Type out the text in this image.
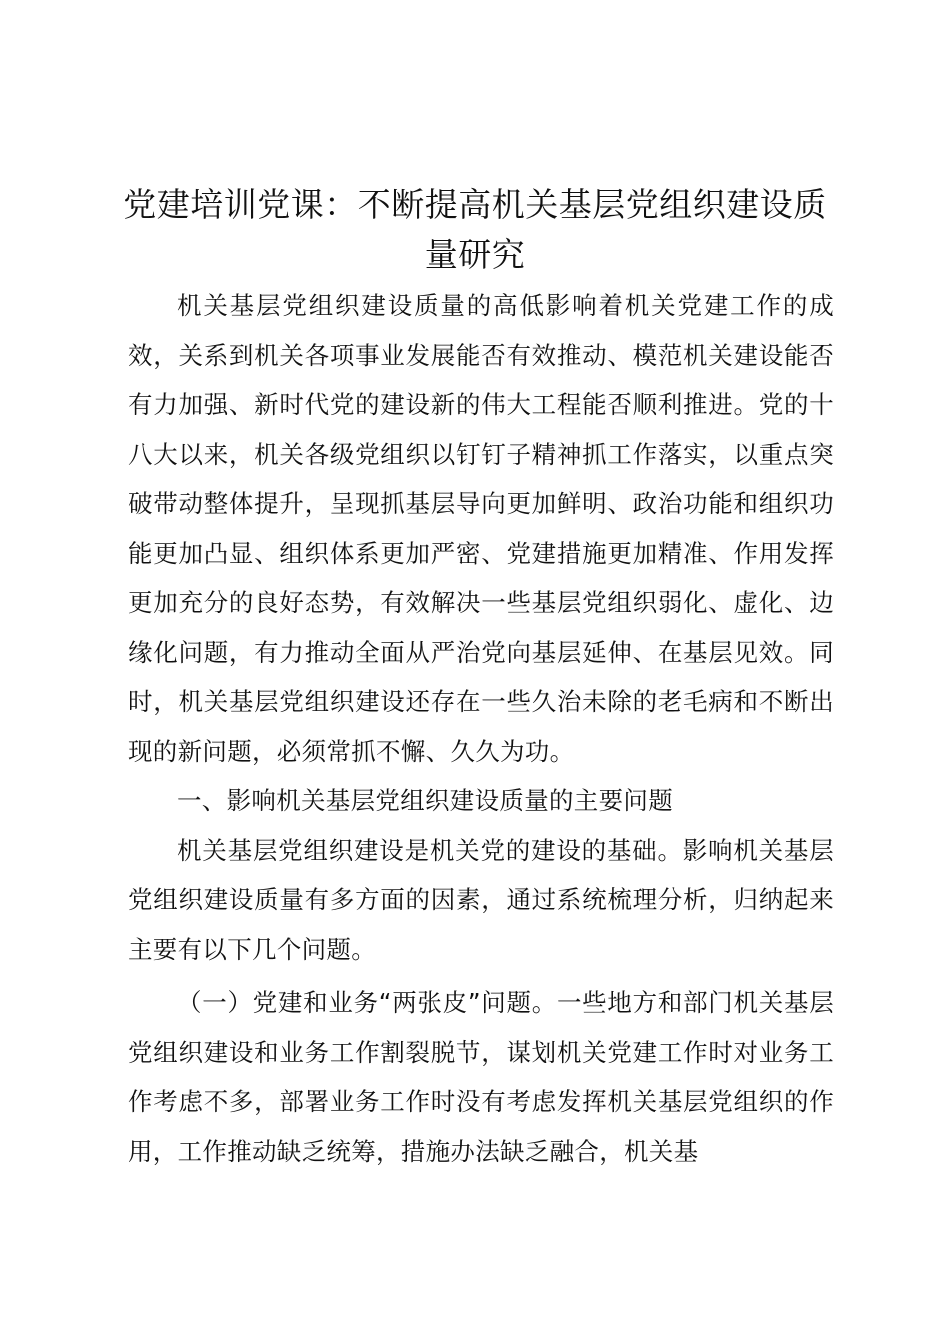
党建培训党课：不断提高机关基层党组织建设质量研究

机关基层党组织建设质量的高低影响着机关党建工作的成效，关系到机关各项事业发展能否有效推动、模范机关建设能否有力加强、新时代党的建设新的伟大工程能否顺利推进。党的十八大以来，机关各级党组织以钉钉子精神抓工作落实，以重点突破带动整体提升，呈现抓基层导向更加鲜明、政治功能和组织功能更加凸显、组织体系更加严密、党建措施更加精准、作用发挥更加充分的良好态势，有效解决一些基层党组织弱化、虚化、边缘化问题，有力推动全面从严治党向基层延伸、在基层见效。同时，机关基层党组织建设还存在一些久治未除的老毛病和不断出现的新问题，必须常抓不懈、久久为功。

一、影响机关基层党组织建设质量的主要问题

机关基层党组织建设是机关党的建设的基础。影响机关基层党组织建设质量有多方面的因素，通过系统梳理分析，归纳起来主要有以下几个问题。

（一）党建和业务“两张皮”问题。一些地方和部门机关基层党组织建设和业务工作割裂脱节，谋划机关党建工作时对业务工作考虑不多，部署业务工作时没有考虑发挥机关基层党组织的作用，工作推动缺乏统筹，措施办法缺乏融合，机关基
